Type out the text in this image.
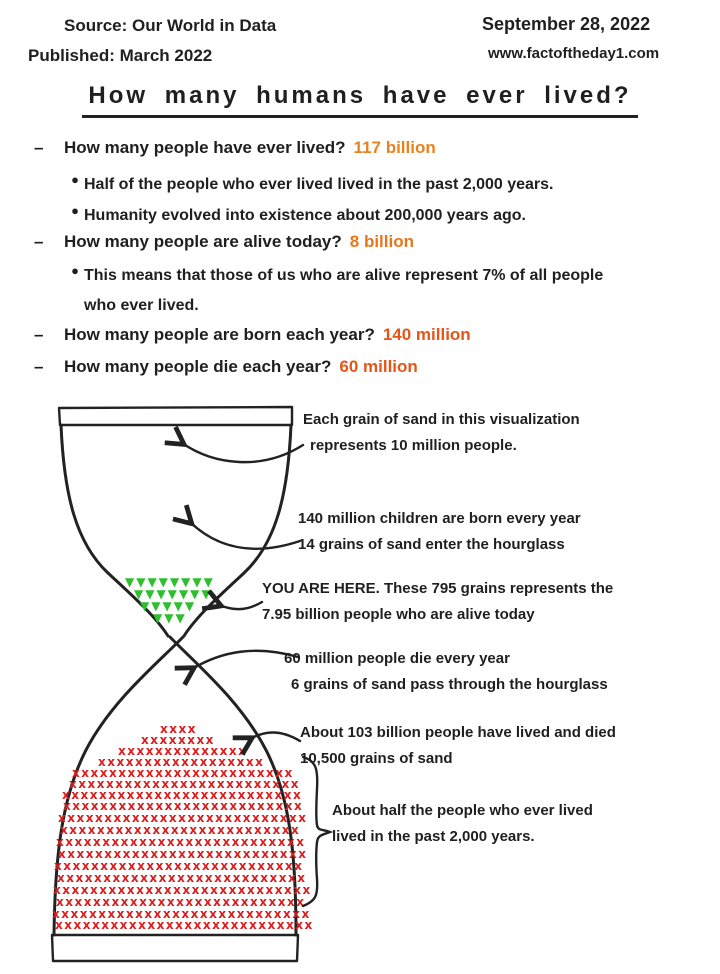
Source: Our World in Data
Published: March 2022
September 28, 2022
www.factoftheday1.com
How many humans have ever lived?
–	How many people have ever lived? 117 billion
● Half of the people who ever lived lived in the past 2,000 years.
● Humanity evolved into existence about 200,000 years ago.
–	How many people are alive today? 8 billion
● This means that those of us who are alive represent 7% of all people who ever lived.
–	How many people are born each year? 140 million
–	How many people die each year? 60 million
▼▼▼▼▼▼▼▼
▼▼▼▼▼▼▼
▼▼▼▼▼
▼▼▼
xxxx
xxxxxxxx
xxxxxxxxxxxxxx
xxxxxxxxxxxxxxxxxx
xxxxxxxxxxxxxxxxxxxxxxxx
xxxxxxxxxxxxxxxxxxxxxxxxx
xxxxxxxxxxxxxxxxxxxxxxxxxx
xxxxxxxxxxxxxxxxxxxxxxxxxx
xxxxxxxxxxxxxxxxxxxxxxxxxxx
xxxxxxxxxxxxxxxxxxxxxxxxxx
xxxxxxxxxxxxxxxxxxxxxxxxxxx
xxxxxxxxxxxxxxxxxxxxxxxxxxx
xxxxxxxxxxxxxxxxxxxxxxxxxxx
xxxxxxxxxxxxxxxxxxxxxxxxxxx
xxxxxxxxxxxxxxxxxxxxxxxxxxxx
xxxxxxxxxxxxxxxxxxxxxxxxxxx
xxxxxxxxxxxxxxxxxxxxxxxxxxxx
xxxxxxxxxxxxxxxxxxxxxxxxxxxx
Each grain of sand in this visualization
represents 10 million people.
140 million children are born every year
14 grains of sand enter the hourglass
YOU ARE HERE. These 795 grains represents the
7.95 billion people who are alive today
60 million people die every year
6 grains of sand pass through the hourglass
About 103 billion people have lived and died
10,500 grains of sand
About half the people who ever lived
lived in the past 2,000 years.
